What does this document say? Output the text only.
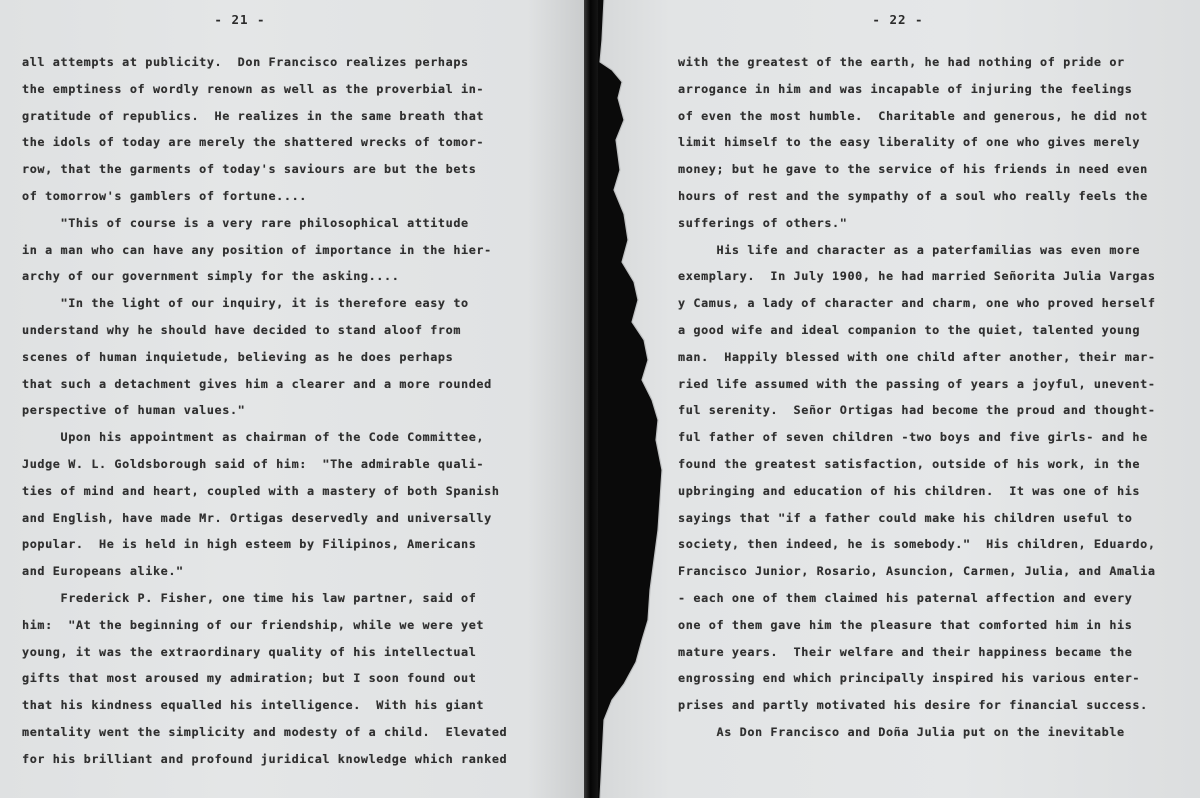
- 21 -
all attempts at publicity.  Don Francisco realizes perhaps
the emptiness of wordly renown as well as the proverbial in-
gratitude of republics.  He realizes in the same breath that
the idols of today are merely the shattered wrecks of tomor-
row, that the garments of today's saviours are but the bets
of tomorrow's gamblers of fortune....
"This of course is a very rare philosophical attitude
in a man who can have any position of importance in the hier-
archy of our government simply for the asking....
"In the light of our inquiry, it is therefore easy to
understand why he should have decided to stand aloof from
scenes of human inquietude, believing as he does perhaps
that such a detachment gives him a clearer and a more rounded
perspective of human values."
Upon his appointment as chairman of the Code Committee,
Judge W. L. Goldsborough said of him:  "The admirable quali-
ties of mind and heart, coupled with a mastery of both Spanish
and English, have made Mr. Ortigas deservedly and universally
popular.  He is held in high esteem by Filipinos, Americans
and Europeans alike."
Frederick P. Fisher, one time his law partner, said of
him:  "At the beginning of our friendship, while we were yet
young, it was the extraordinary quality of his intellectual
gifts that most aroused my admiration; but I soon found out
that his kindness equalled his intelligence.  With his giant
mentality went the simplicity and modesty of a child.  Elevated
for his brilliant and profound juridical knowledge which ranked
- 22 -
with the greatest of the earth, he had nothing of pride or
arrogance in him and was incapable of injuring the feelings
of even the most humble.  Charitable and generous, he did not
limit himself to the easy liberality of one who gives merely
money; but he gave to the service of his friends in need even
hours of rest and the sympathy of a soul who really feels the
sufferings of others."
His life and character as a paterfamilias was even more
exemplary.  In July 1900, he had married Señorita Julia Vargas
y Camus, a lady of character and charm, one who proved herself
a good wife and ideal companion to the quiet, talented young
man.  Happily blessed with one child after another, their mar-
ried life assumed with the passing of years a joyful, unevent-
ful serenity.  Señor Ortigas had become the proud and thought-
ful father of seven children -two boys and five girls- and he
found the greatest satisfaction, outside of his work, in the
upbringing and education of his children.  It was one of his
sayings that "if a father could make his children useful to
society, then indeed, he is somebody."  His children, Eduardo,
Francisco Junior, Rosario, Asuncion, Carmen, Julia, and Amalia
- each one of them claimed his paternal affection and every
one of them gave him the pleasure that comforted him in his
mature years.  Their welfare and their happiness became the
engrossing end which principally inspired his various enter-
prises and partly motivated his desire for financial success.
As Don Francisco and Doña Julia put on the inevitable
